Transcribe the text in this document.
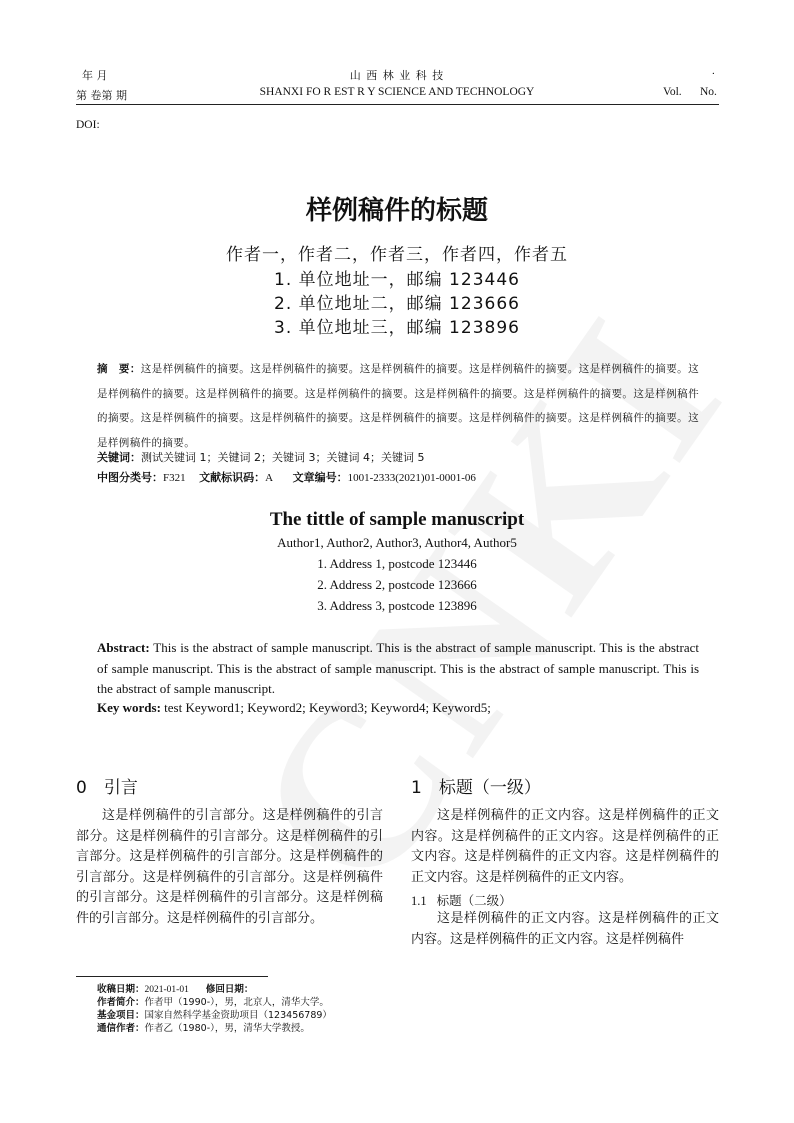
年 月
第 卷第 期
山 西 林 业 科 技
SHANXI FO R EST R Y SCIENCE AND TECHNOLOGY
.
Vol. No.
DOI:
样例稿件的标题
作者一，作者二，作者三，作者四，作者五
1. 单位地址一，邮编 123446
2. 单位地址二，邮编 123666
3. 单位地址三，邮编 123896
摘　要：这是样例稿件的摘要。这是样例稿件的摘要。这是样例稿件的摘要。这是样例稿件的摘要。这是样例稿件的摘要。这是样例稿件的摘要。这是样例稿件的摘要。这是样例稿件的摘要。这是样例稿件的摘要。这是样例稿件的摘要。这是样例稿件的摘要。这是样例稿件的摘要。这是样例稿件的摘要。这是样例稿件的摘要。这是样例稿件的摘要。这是样例稿件的摘要。这是样例稿件的摘要。
关键词：测试关键词 1；关键词 2；关键词 3；关键词 4；关键词 5
中图分类号：F321 文献标识码：A 文章编号：1001-2333(2021)01-0001-06
The tittle of sample manuscript
Author1, Author2, Author3, Author4, Author5
1. Address 1, postcode 123446
2. Address 2, postcode 123666
3. Address 3, postcode 123896
Abstract: This is the abstract of sample manuscript. This is the abstract of sample manuscript. This is the abstract of sample manuscript. This is the abstract of sample manuscript. This is the abstract of sample manuscript. This is the abstract of sample manuscript.
Key words: test Keyword1; Keyword2; Keyword3; Keyword4; Keyword5;
0　引言

这是样例稿件的引言部分。这是样例稿件的引言部分。这是样例稿件的引言部分。这是样例稿件的引言部分。这是样例稿件的引言部分。这是样例稿件的引言部分。这是样例稿件的引言部分。这是样例稿件的引言部分。这是样例稿件的引言部分。这是样例稿件的引言部分。这是样例稿件的引言部分。

1　标题（一级）

这是样例稿件的正文内容。这是样例稿件的正文内容。这是样例稿件的正文内容。这是样例稿件的正文内容。这是样例稿件的正文内容。这是样例稿件的正文内容。这是样例稿件的正文内容。

1.1 标题（二级）

这是样例稿件的正文内容。这是样例稿件的正文内容。这是样例稿件的正文内容。这是样例稿件

收稿日期：2021-01-01 修回日期：
作者简介：作者甲（1990-），男，北京人，清华大学。
基金项目：国家自然科学基金资助项目（123456789）
通信作者：作者乙（1980-），男，清华大学教授。
